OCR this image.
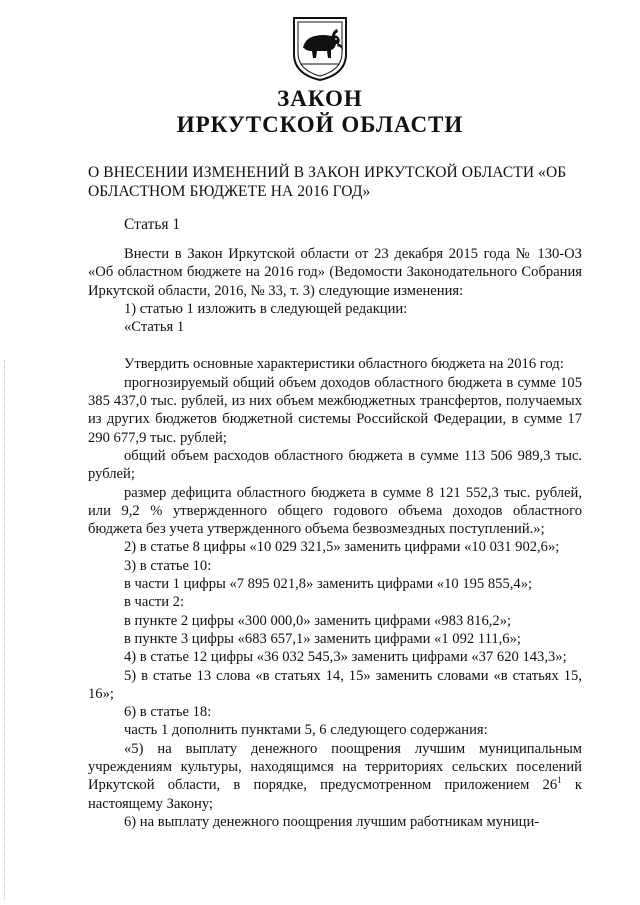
ЗАКОН
ИРКУТСКОЙ ОБЛАСТИ
О ВНЕСЕНИИ ИЗМЕНЕНИЙ В ЗАКОН ИРКУТСКОЙ ОБЛАСТИ «ОБ ОБЛАСТНОМ БЮДЖЕТЕ НА 2016 ГОД»
Статья 1

Внести в Закон Иркутской области от 23 декабря 2015 года № 130-ОЗ «Об областном бюджете на 2016 год» (Ведомости Законодательного Собрания Иркутской области, 2016, № 33, т. 3) следующие изменения:

1) статью 1 изложить в следующей редакции:

«Статья 1

Утвердить основные характеристики областного бюджета на 2016 год:

прогнозируемый общий объем доходов областного бюджета в сумме 105 385 437,0 тыс. рублей, из них объем межбюджетных трансфертов, получаемых из других бюджетов бюджетной системы Российской Федерации, в сумме 17 290 677,9 тыс. рублей;

общий объем расходов областного бюджета в сумме 113 506 989,3 тыс. рублей;

размер дефицита областного бюджета в сумме 8 121 552,3 тыс. рублей, или 9,2 % утвержденного общего годового объема доходов областного бюджета без учета утвержденного объема безвозмездных поступлений.»;

2) в статье 8 цифры «10 029 321,5» заменить цифрами «10 031 902,6»;

3) в статье 10:

в части 1 цифры «7 895 021,8» заменить цифрами «10 195 855,4»;

в части 2:

в пункте 2 цифры «300 000,0» заменить цифрами «983 816,2»;

в пункте 3 цифры «683 657,1» заменить цифрами «1 092 111,6»;

4) в статье 12 цифры «36 032 545,3» заменить цифрами «37 620 143,3»;

5) в статье 13 слова «в статьях 14, 15» заменить словами «в статьях 15, 16»;

6) в статье 18:

часть 1 дополнить пунктами 5, 6 следующего содержания:

«5) на выплату денежного поощрения лучшим муниципальным учреждениям культуры, находящимся на территориях сельских поселений Иркутской области, в порядке, предусмотренном приложением $26^1$ к настоящему Закону;

6) на выплату денежного поощрения лучшим работникам муници-
